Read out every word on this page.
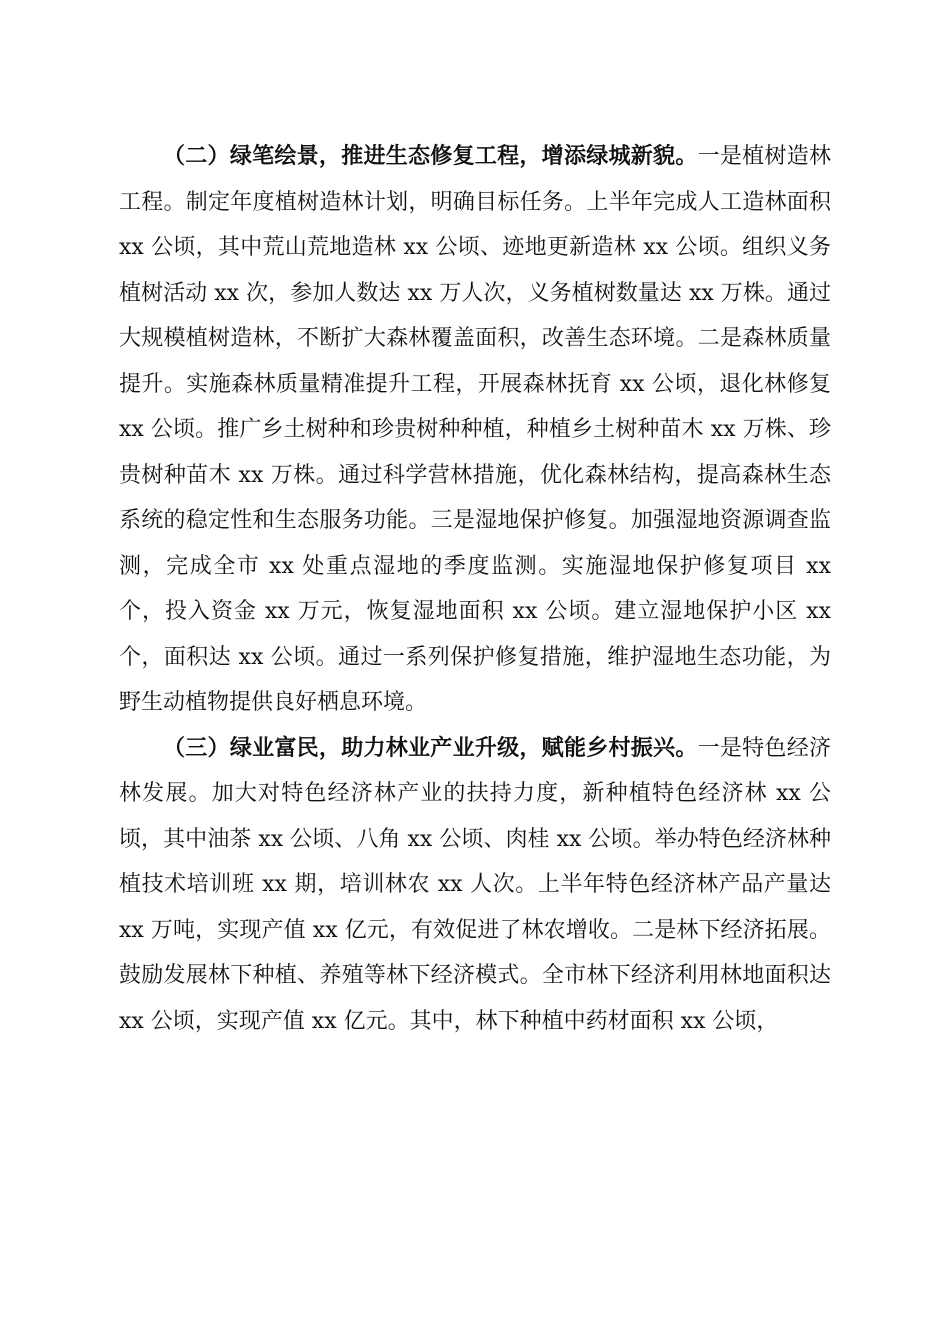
（二）绿笔绘景，推进生态修复工程，增添绿城新貌。一是植树造林工程。制定年度植树造林计划，明确目标任务。上半年完成人工造林面积 xx 公顷，其中荒山荒地造林 xx 公顷、迹地更新造林 xx 公顷。组织义务植树活动 xx 次，参加人数达 xx 万人次，义务植树数量达 xx 万株。通过大规模植树造林，不断扩大森林覆盖面积，改善生态环境。二是森林质量提升。实施森林质量精准提升工程，开展森林抚育 xx 公顷，退化林修复 xx 公顷。推广乡土树种和珍贵树种种植，种植乡土树种苗木 xx 万株、珍贵树种苗木 xx 万株。通过科学营林措施，优化森林结构，提高森林生态系统的稳定性和生态服务功能。三是湿地保护修复。加强湿地资源调查监测，完成全市 xx 处重点湿地的季度监测。实施湿地保护修复项目 xx 个，投入资金 xx 万元，恢复湿地面积 xx 公顷。建立湿地保护小区 xx 个，面积达 xx 公顷。通过一系列保护修复措施，维护湿地生态功能，为野生动植物提供良好栖息环境。

（三）绿业富民，助力林业产业升级，赋能乡村振兴。一是特色经济林发展。加大对特色经济林产业的扶持力度，新种植特色经济林 xx 公顷，其中油茶 xx 公顷、八角 xx 公顷、肉桂 xx 公顷。举办特色经济林种植技术培训班 xx 期，培训林农 xx 人次。上半年特色经济林产品产量达 xx 万吨，实现产值 xx 亿元，有效促进了林农增收。二是林下经济拓展。鼓励发展林下种植、养殖等林下经济模式。全市林下经济利用林地面积达 xx 公顷，实现产值 xx 亿元。其中，林下种植中药材面积 xx 公顷，
